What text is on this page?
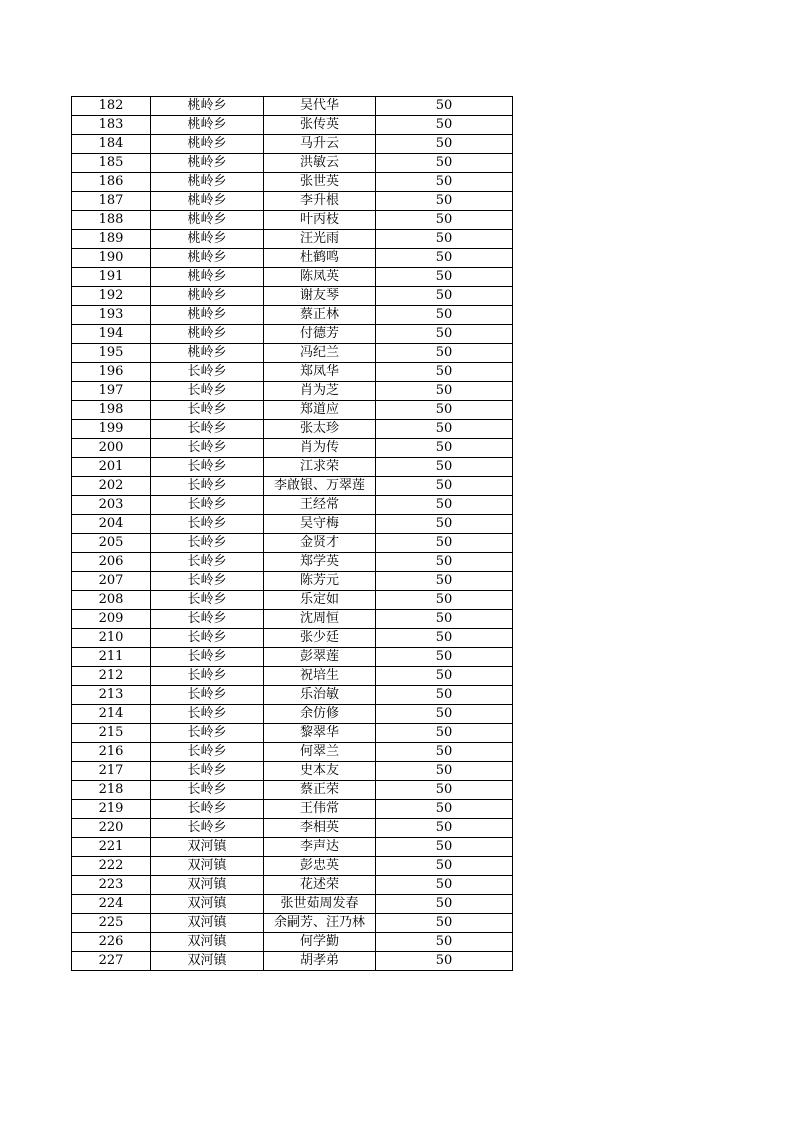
182	桃岭乡	吴代华	50
183	桃岭乡	张传英	50
184	桃岭乡	马升云	50
185	桃岭乡	洪敏云	50
186	桃岭乡	张世英	50
187	桃岭乡	李升根	50
188	桃岭乡	叶丙枝	50
189	桃岭乡	汪光雨	50
190	桃岭乡	杜鹤鸣	50
191	桃岭乡	陈凤英	50
192	桃岭乡	谢友琴	50
193	桃岭乡	蔡正林	50
194	桃岭乡	付德芳	50
195	桃岭乡	冯纪兰	50
196	长岭乡	郑凤华	50
197	长岭乡	肖为芝	50
198	长岭乡	郑道应	50
199	长岭乡	张太珍	50
200	长岭乡	肖为传	50
201	长岭乡	江求荣	50
202	长岭乡	李啟银、万翠莲	50
203	长岭乡	王经常	50
204	长岭乡	吴守梅	50
205	长岭乡	金贤才	50
206	长岭乡	郑学英	50
207	长岭乡	陈芳元	50
208	长岭乡	乐定如	50
209	长岭乡	沈周恒	50
210	长岭乡	张少廷	50
211	长岭乡	彭翠莲	50
212	长岭乡	祝培生	50
213	长岭乡	乐治敏	50
214	长岭乡	余仿修	50
215	长岭乡	黎翠华	50
216	长岭乡	何翠兰	50
217	长岭乡	史本友	50
218	长岭乡	蔡正荣	50
219	长岭乡	王伟常	50
220	长岭乡	李相英	50
221	双河镇	李声达	50
222	双河镇	彭忠英	50
223	双河镇	花述荣	50
224	双河镇	张世茹周发春	50
225	双河镇	余嗣芳、汪乃林	50
226	双河镇	何学勤	50
227	双河镇	胡孝弟	50
